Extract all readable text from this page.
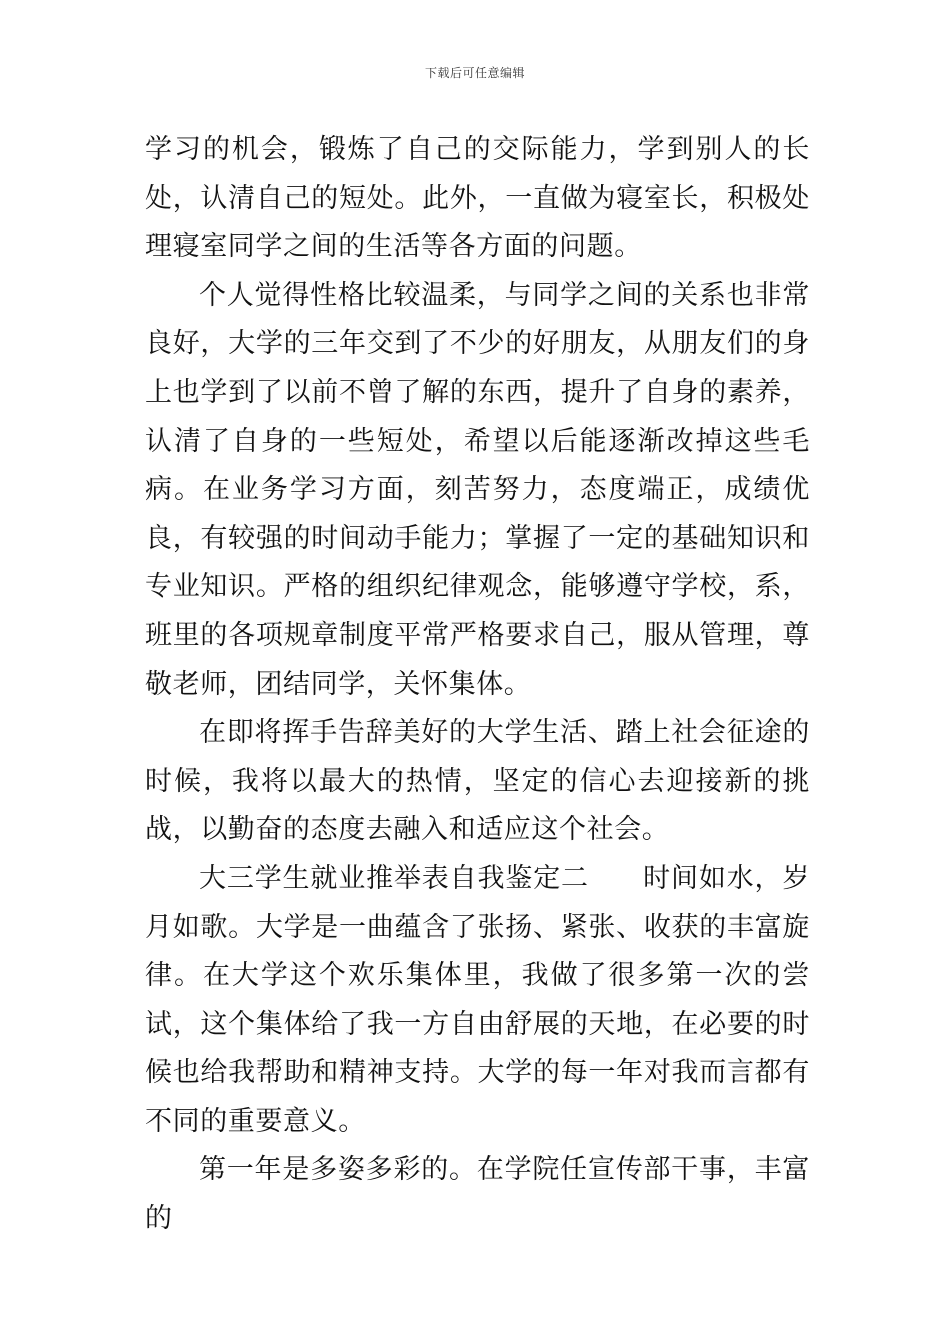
下载后可任意编辑

学习的机会，锻炼了自己的交际能力，学到别人的长处，认清自己的短处。此外，一直做为寝室长，积极处理寝室同学之间的生活等各方面的问题。

个人觉得性格比较温柔，与同学之间的关系也非常良好，大学的三年交到了不少的好朋友，从朋友们的身上也学到了以前不曾了解的东西，提升了自身的素养，认清了自身的一些短处，希望以后能逐渐改掉这些毛病。在业务学习方面，刻苦努力，态度端正，成绩优良，有较强的时间动手能力；掌握了一定的基础知识和专业知识。严格的组织纪律观念，能够遵守学校，系，班里的各项规章制度平常严格要求自己，服从管理，尊敬老师，团结同学，关怀集体。

在即将挥手告辞美好的大学生活、踏上社会征途的时候，我将以最大的热情，坚定的信心去迎接新的挑战，以勤奋的态度去融入和适应这个社会。

大三学生就业推举表自我鉴定二 时间如水，岁月如歌。大学是一曲蕴含了张扬、紧张、收获的丰富旋律。在大学这个欢乐集体里，我做了很多第一次的尝试，这个集体给了我一方自由舒展的天地，在必要的时候也给我帮助和精神支持。大学的每一年对我而言都有不同的重要意义。

第一年是多姿多彩的。在学院任宣传部干事，丰富的
